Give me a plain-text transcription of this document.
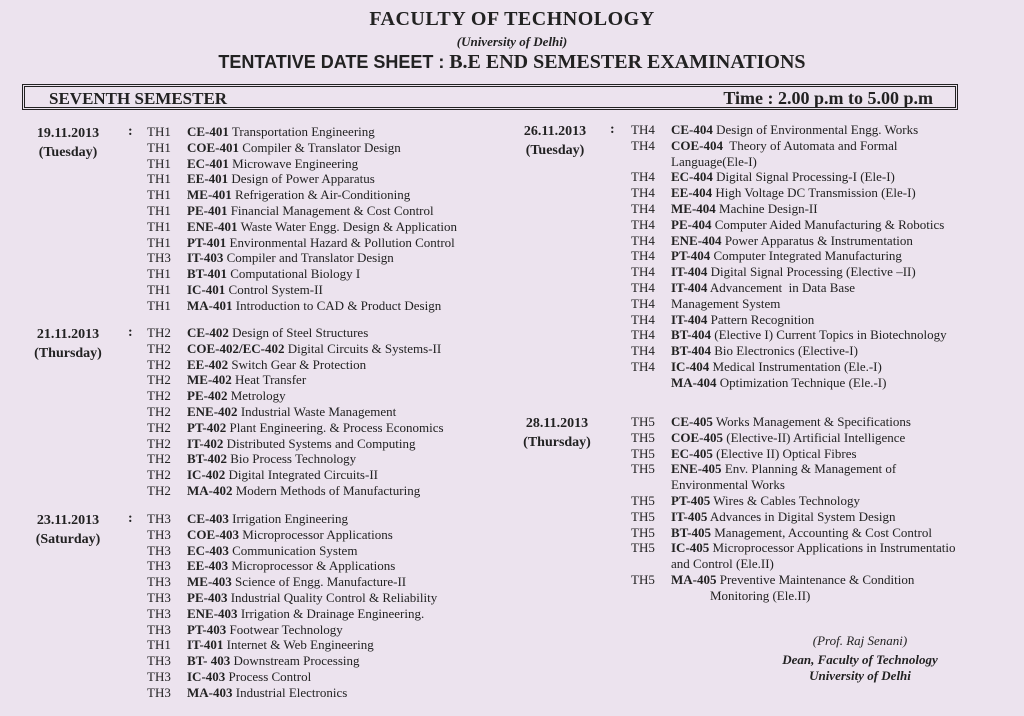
FACULTY OF TECHNOLOGY
(University of Delhi)
TENTATIVE DATE SHEET : B.E END SEMESTER EXAMINATIONS
SEVENTH SEMESTER	Time : 2.00 p.m to 5.00 p.m
19.11.2013
(Tuesday)
: TH1	CE-401 Transportation Engineering
TH1	COE-401 Compiler & Translator Design
TH1	EC-401 Microwave Engineering
TH1	EE-401 Design of Power Apparatus
TH1	ME-401 Refrigeration & Air-Conditioning
TH1	PE-401 Financial Management & Cost Control
TH1	ENE-401 Waste Water Engg. Design & Application
TH1	PT-401 Environmental Hazard & Pollution Control
TH3	IT-403 Compiler and Translator Design
TH1	BT-401 Computational Biology I
TH1	IC-401 Control System-II
TH1	MA-401 Introduction to CAD & Product Design
21.11.2013
(Thursday)
: TH2	CE-402 Design of Steel Structures
TH2	COE-402/EC-402 Digital Circuits & Systems-II
TH2	EE-402 Switch Gear & Protection
TH2	ME-402 Heat Transfer
TH2	PE-402 Metrology
TH2	ENE-402 Industrial Waste Management
TH2	PT-402 Plant Engineering. & Process Economics
TH2	IT-402 Distributed Systems and Computing
TH2	BT-402 Bio Process Technology
TH2	IC-402 Digital Integrated Circuits-II
TH2	MA-402 Modern Methods of Manufacturing
23.11.2013
(Saturday)
: TH3	CE-403 Irrigation Engineering
TH3	COE-403 Microprocessor Applications
TH3	EC-403 Communication System
TH3	EE-403 Microprocessor & Applications
TH3	ME-403 Science of Engg. Manufacture-II
TH3	PE-403 Industrial Quality Control & Reliability
TH3	ENE-403 Irrigation & Drainage Engineering.
TH3	PT-403 Footwear Technology
TH1	IT-401 Internet & Web Engineering
TH3	BT- 403 Downstream Processing
TH3	IC-403 Process Control
TH3	MA-403 Industrial Electronics
26.11.2013
(Tuesday)
: TH4	CE-404 Design of Environmental Engg. Works
TH4	COE-404  Theory of Automata and Formal
Language(Ele-I)
TH4	EC-404 Digital Signal Processing-I (Ele-I)
TH4	EE-404 High Voltage DC Transmission (Ele-I)
TH4	ME-404 Machine Design-II
TH4	PE-404 Computer Aided Manufacturing & Robotics
TH4	ENE-404 Power Apparatus & Instrumentation
TH4	PT-404 Computer Integrated Manufacturing
TH4	IT-404 Digital Signal Processing (Elective –II)
TH4	IT-404 Advancement  in Data Base
TH4	Management System
TH4	IT-404 Pattern Recognition
TH4	BT-404 (Elective I) Current Topics in Biotechnology
TH4	BT-404 Bio Electronics (Elective-I)
TH4	IC-404 Medical Instrumentation (Ele.-I)
MA-404 Optimization Technique (Ele.-I)
28.11.2013
(Thursday)
TH5	CE-405 Works Management & Specifications
TH5	COE-405 (Elective-II) Artificial Intelligence
TH5	EC-405 (Elective II) Optical Fibres
TH5	ENE-405 Env. Planning & Management of
Environmental Works
TH5	PT-405 Wires & Cables Technology
TH5	IT-405 Advances in Digital System Design
TH5	BT-405 Management, Accounting & Cost Control
TH5	IC-405 Microprocessor Applications in Instrumentatio
and Control (Ele.II)
TH5	MA-405 Preventive Maintenance & Condition
Monitoring (Ele.II)
(Prof. Raj Senani)
Dean, Faculty of Technology
University of Delhi
